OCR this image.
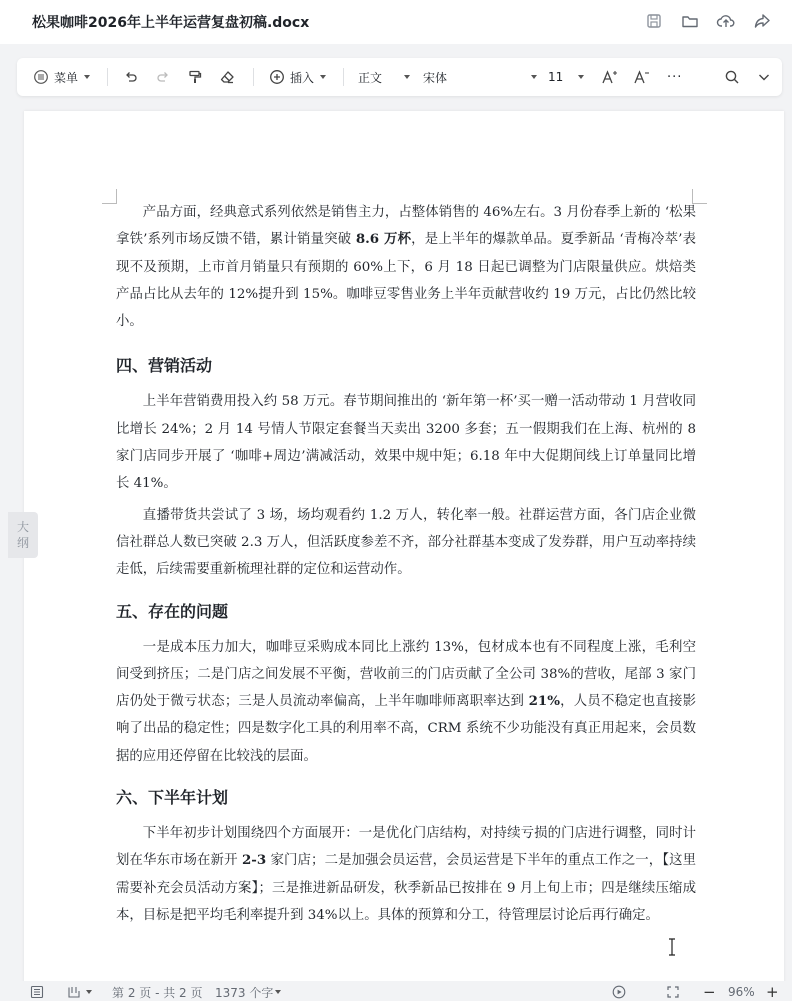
松果咖啡2026年上半年运营复盘初稿.docx
菜单	插入	正文	宋体	11	···

产品方面，经典意式系列依然是销售主力，占整体销售的 46%左右。3 月份春季上新的 ‘松果拿铁’系列市场反馈不错，累计销量突破 8.6 万杯，是上半年的爆款单品。夏季新品 ‘青梅冷萃’表现不及预期，上市首月销量只有预期的 60%上下，6 月 18 日起已调整为门店限量供应。烘焙类产品占比从去年的 12%提升到 15%。咖啡豆零售业务上半年贡献营收约 19 万元，占比仍然比较小。

四、营销活动

上半年营销费用投入约 58 万元。春节期间推出的 ‘新年第一杯’买一赠一活动带动 1 月营收同比增长 24%；2 月 14 号情人节限定套餐当天卖出 3200 多套；五一假期我们在上海、杭州的 8 家门店同步开展了 ‘咖啡+周边’满减活动，效果中规中矩；6.18 年中大促期间线上订单量同比增长 41%。

直播带货共尝试了 3 场，场均观看约 1.2 万人，转化率一般。社群运营方面，各门店企业微信社群总人数已突破 2.3 万人，但活跃度参差不齐，部分社群基本变成了发券群，用户互动率持续走低，后续需要重新梳理社群的定位和运营动作。

五、存在的问题

一是成本压力加大，咖啡豆采购成本同比上涨约 13%，包材成本也有不同程度上涨，毛利空间受到挤压；二是门店之间发展不平衡，营收前三的门店贡献了全公司 38%的营收，尾部 3 家门店仍处于微亏状态；三是人员流动率偏高，上半年咖啡师离职率达到 21%，人员不稳定也直接影响了出品的稳定性；四是数字化工具的利用率不高，CRM 系统不少功能没有真正用起来，会员数据的应用还停留在比较浅的层面。

六、下半年计划

下半年初步计划围绕四个方面展开：一是优化门店结构，对持续亏损的门店进行调整，同时计划在华东市场在新开 2-3 家门店；二是加强会员运营，会员运营是下半年的重点工作之一，【这里需要补充会员活动方案】；三是推进新品研发，秋季新品已按排在 9 月上旬上市；四是继续压缩成本，目标是把平均毛利率提升到 34%以上。具体的预算和分工，待管理层讨论后再行确定。

大
纲
第 2 页 - 共 2 页 1373 个字	− 96% +
